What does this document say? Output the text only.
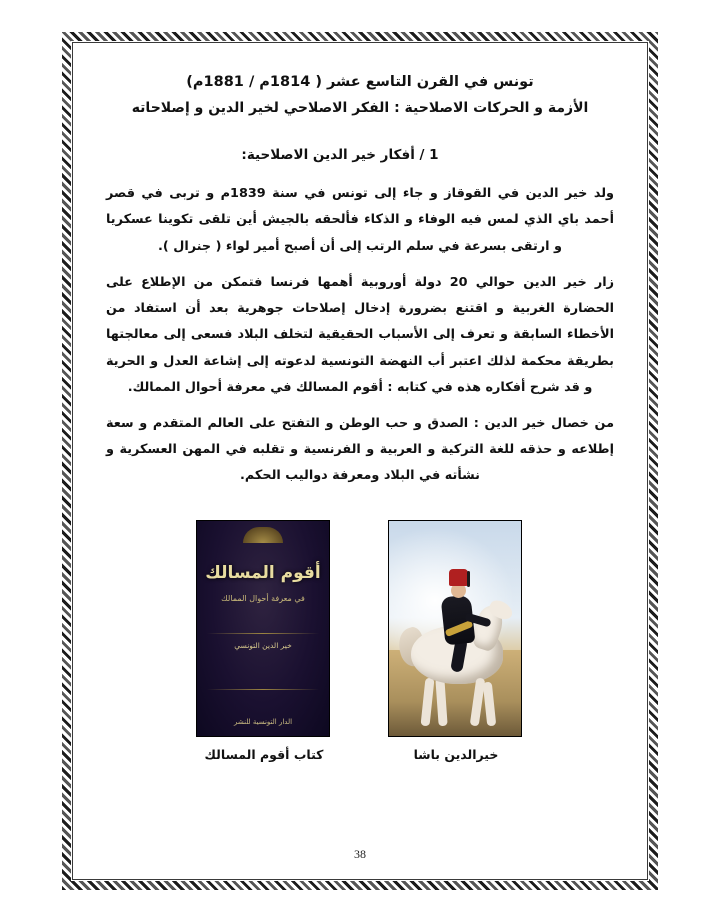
تونس في القرن التاسع عشر ( 1814م / 1881م)
الأزمة و الحركات الاصلاحية : الفكر الاصلاحي لخير الدين و إصلاحاته
1 / أفكار خير الدين الاصلاحية:
ولد خير الدين في القوقاز و جاء إلى تونس في سنة 1839م و تربى في قصر أحمد باي الذي لمس فيه الوفاء و الذكاء فألحقه بالجيش أين تلقى تكوينا عسكريا و ارتقى بسرعة في سلم الرتب إلى أن أصبح أمير لواء ( جنرال ).
زار خير الدين حوالي 20 دولة أوروبية أهمها فرنسا فتمكن من الإطلاع على الحضارة الغربية و اقتنع بضرورة إدخال إصلاحات جوهرية بعد أن استفاد من الأخطاء السابقة و تعرف إلى الأسباب الحقيقية لتخلف البلاد فسعى إلى معالجتها بطريقة محكمة لذلك اعتبر أب النهضة التونسية لدعوته إلى إشاعة العدل و الحرية و قد شرح أفكاره هذه في كتابه : أقوم المسالك في معرفة أحوال الممالك.
من خصال خير الدين : الصدق و حب الوطن و التفتح على العالم المتقدم و سعة إطلاعه و حذقه للغة التركية و العربية و الفرنسية و تقلبه في المهن العسكرية و نشأته في البلاد ومعرفة دواليب الحكم.
أقوم المسالك
في معرفة أحوال الممالك
خير الدين التونسي
الدار التونسية للنشر
كتاب أقوم المسالك	خيرالدين باشا
38
